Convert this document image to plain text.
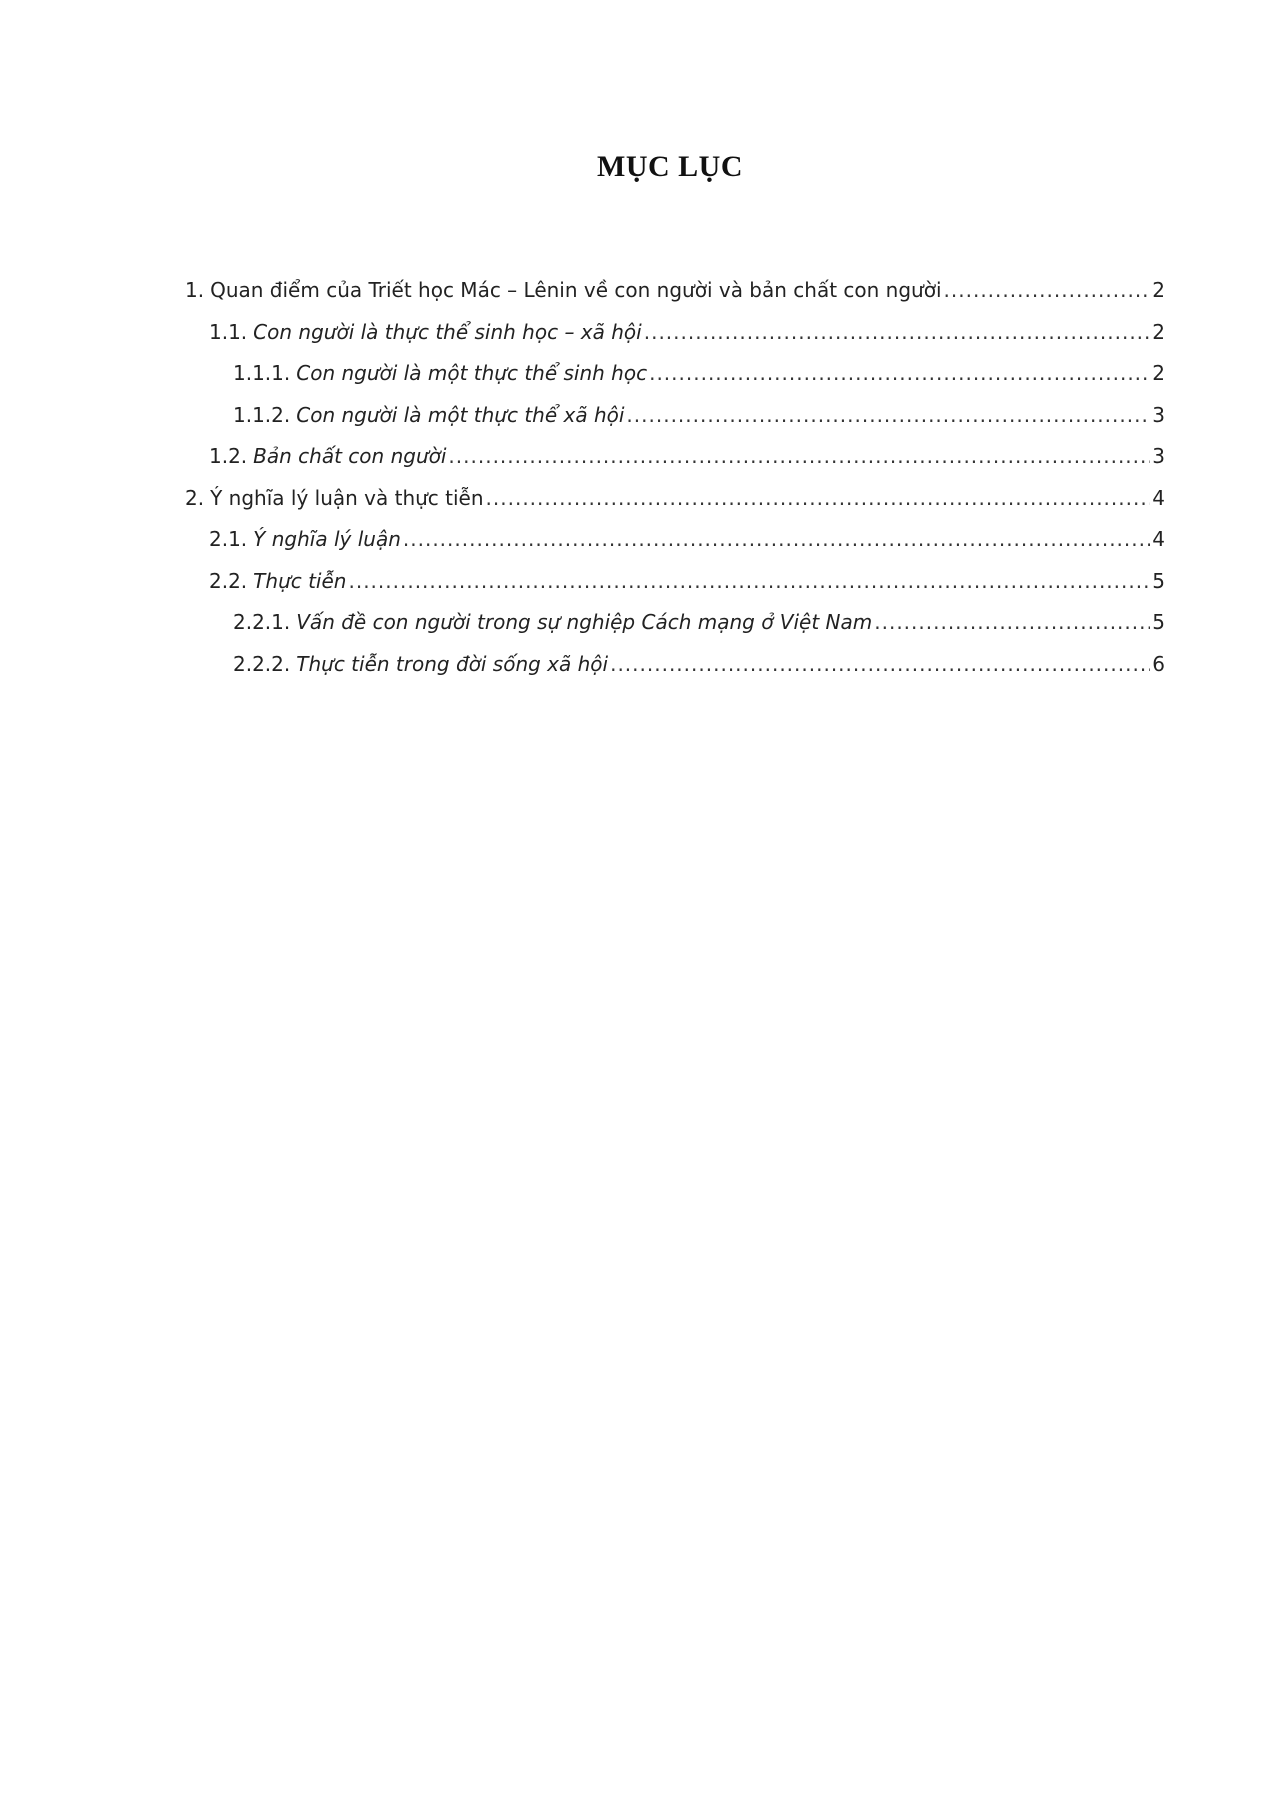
MỤC LỤC
1. Quan điểm của Triết học Mác – Lênin về con người và bản chất con người .....	2
1.1. Con người là thực thể sinh học – xã hội .....	2
1.1.1. Con người là một thực thể sinh học .....	2
1.1.2. Con người là một thực thể xã hội .....	3
1.2. Bản chất con người .....	3
2. Ý nghĩa lý luận và thực tiễn .....	4
2.1. Ý nghĩa lý luận .....	4
2.2. Thực tiễn .....	5
2.2.1. Vấn đề con người trong sự nghiệp Cách mạng ở Việt Nam .....	5
2.2.2. Thực tiễn trong đời sống xã hội .....	6
